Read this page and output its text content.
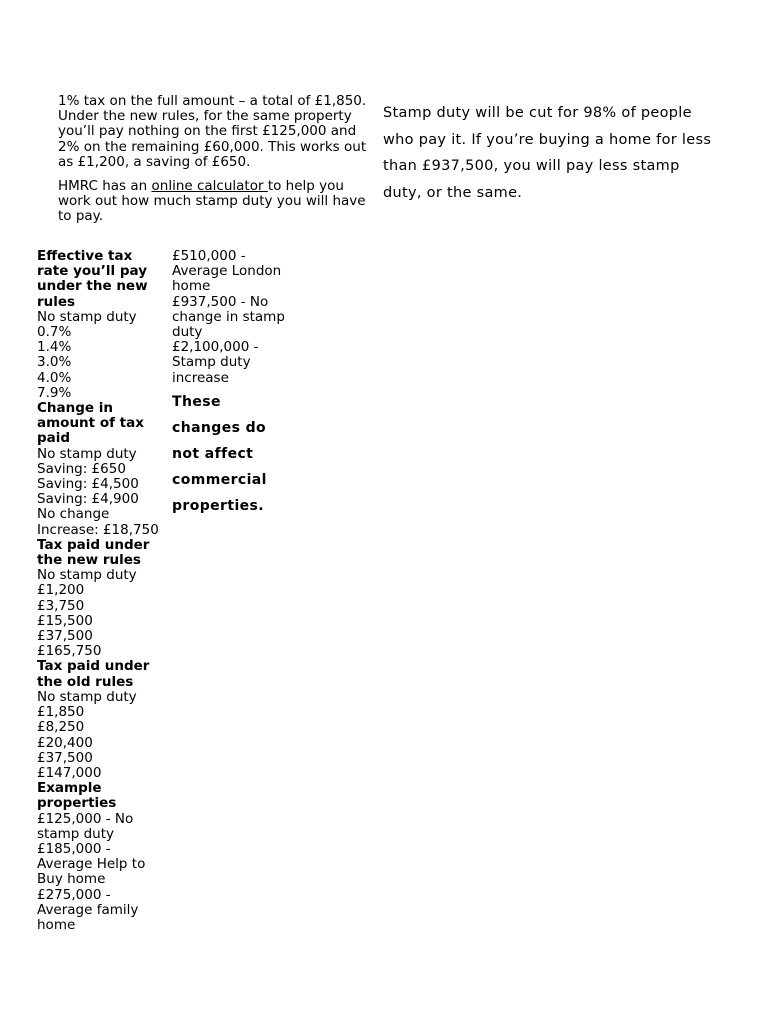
1% tax on the full amount – a total of £1,850. Under the new rules, for the same property you’ll pay nothing on the first £125,000 and 2% on the remaining £60,000. This works out as £1,200, a saving of £650.

HMRC has an online calculator to help you work out how much stamp duty you will have to pay.

Stamp duty will be cut for 98% of people who pay it. If you’re buying a home for less than £937,500, you will pay less stamp duty, or the same.

Effective tax rate you’ll pay under the new rules
No stamp duty
0.7%
1.4%
3.0%
4.0%
7.9%
Change in amount of tax paid
No stamp duty
Saving: £650
Saving: £4,500
Saving: £4,900
No change
Increase: £18,750
Tax paid under the new rules
No stamp duty
£1,200
£3,750
£15,500
£37,500
£165,750
Tax paid under the old rules
No stamp duty
£1,850
£8,250
£20,400
£37,500
£147,000
Example properties
£125,000 - No stamp duty
£185,000 - Average Help to Buy home
£275,000 - Average family home
£510,000 - Average London home
£937,500 - No change in stamp duty
£2,100,000 - Stamp duty increase
These changes do not affect commercial properties.
